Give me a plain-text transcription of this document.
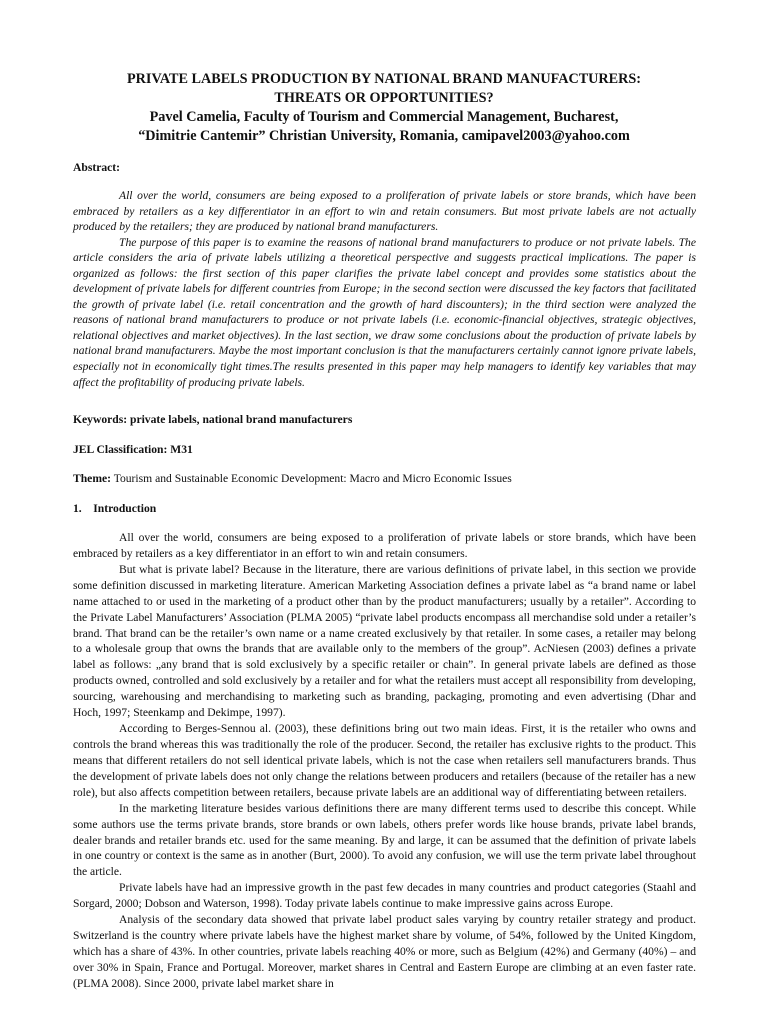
PRIVATE LABELS PRODUCTION BY NATIONAL BRAND MANUFACTURERS:
THREATS OR OPPORTUNITIES?
Pavel Camelia, Faculty of Tourism and Commercial Management, Bucharest,
“Dimitrie Cantemir” Christian University, Romania, camipavel2003@yahoo.com
Abstract:

All over the world, consumers are being exposed to a proliferation of private labels or store brands, which have been embraced by retailers as a key differentiator in an effort to win and retain consumers. But most private labels are not actually produced by the retailers; they are produced by national brand manufacturers.

The purpose of this paper is to examine the reasons of national brand manufacturers to produce or not private labels. The article considers the aria of private labels utilizing a theoretical perspective and suggests practical implications. The paper is organized as follows: the first section of this paper clarifies the private label concept and provides some statistics about the development of private labels for different countries from Europe; in the second section were discussed the key factors that facilitated the growth of private label (i.e. retail concentration and the growth of hard discounters); in the third section were analyzed the reasons of national brand manufacturers to produce or not private labels (i.e. economic-financial objectives, strategic objectives, relational objectives and market objectives). In the last section, we draw some conclusions about the production of private labels by national brand manufacturers. Maybe the most important conclusion is that the manufacturers certainly cannot ignore private labels, especially not in economically tight times.The results presented in this paper may help managers to identify key variables that may affect the profitability of producing private labels.

Keywords: private labels, national brand manufacturers
JEL Classification: M31
Theme: Tourism and Sustainable Economic Development: Macro and Micro Economic Issues
1.    Introduction

All over the world, consumers are being exposed to a proliferation of private labels or store brands, which have been embraced by retailers as a key differentiator in an effort to win and retain consumers.

But what is private label? Because in the literature, there are various definitions of private label, in this section we provide some definition discussed in marketing literature. American Marketing Association defines a private label as “a brand name or label name attached to or used in the marketing of a product other than by the product manufacturers; usually by a retailer”. According to the Private Label Manufacturers’ Association (PLMA 2005) “private label products encompass all merchandise sold under a retailer’s brand. That brand can be the retailer’s own name or a name created exclusively by that retailer. In some cases, a retailer may belong to a wholesale group that owns the brands that are available only to the members of the group”. AcNiesen (2003) defines a private label as follows: „any brand that is sold exclusively by a specific retailer or chain”. In general private labels are defined as those products owned, controlled and sold exclusively by a retailer and for what the retailers must accept all responsibility from developing, sourcing, warehousing and merchandising to marketing such as branding, packaging, promoting and even advertising (Dhar and Hoch, 1997; Steenkamp and Dekimpe, 1997).

According to Berges-Sennou al. (2003), these definitions bring out two main ideas. First, it is the retailer who owns and controls the brand whereas this was traditionally the role of the producer. Second, the retailer has exclusive rights to the product. This means that different retailers do not sell identical private labels, which is not the case when retailers sell manufacturers brands. Thus the development of private labels does not only change the relations between producers and retailers (because of the retailer has a new role), but also affects competition between retailers, because private labels are an additional way of differentiating between retailers.

In the marketing literature besides various definitions there are many different terms used to describe this concept. While some authors use the terms private brands, store brands or own labels, others prefer words like house brands, private label brands, dealer brands and retailer brands etc. used for the same meaning. By and large, it can be assumed that the definition of private labels in one country or context is the same as in another (Burt, 2000). To avoid any confusion, we will use the term private label throughout the article.

Private labels have had an impressive growth in the past few decades in many countries and product categories (Staahl and Sorgard, 2000; Dobson and Waterson, 1998). Today private labels continue to make impressive gains across Europe.

Analysis of the secondary data showed that private label product sales varying by country retailer strategy and product. Switzerland is the country where private labels have the highest market share by volume, of 54%, followed by the United Kingdom, which has a share of 43%. In other countries, private labels reaching 40% or more, such as Belgium (42%) and Germany (40%) – and over 30% in Spain, France and Portugal. Moreover, market shares in Central and Eastern Europe are climbing at an even faster rate. (PLMA 2008). Since 2000, private label market share in
